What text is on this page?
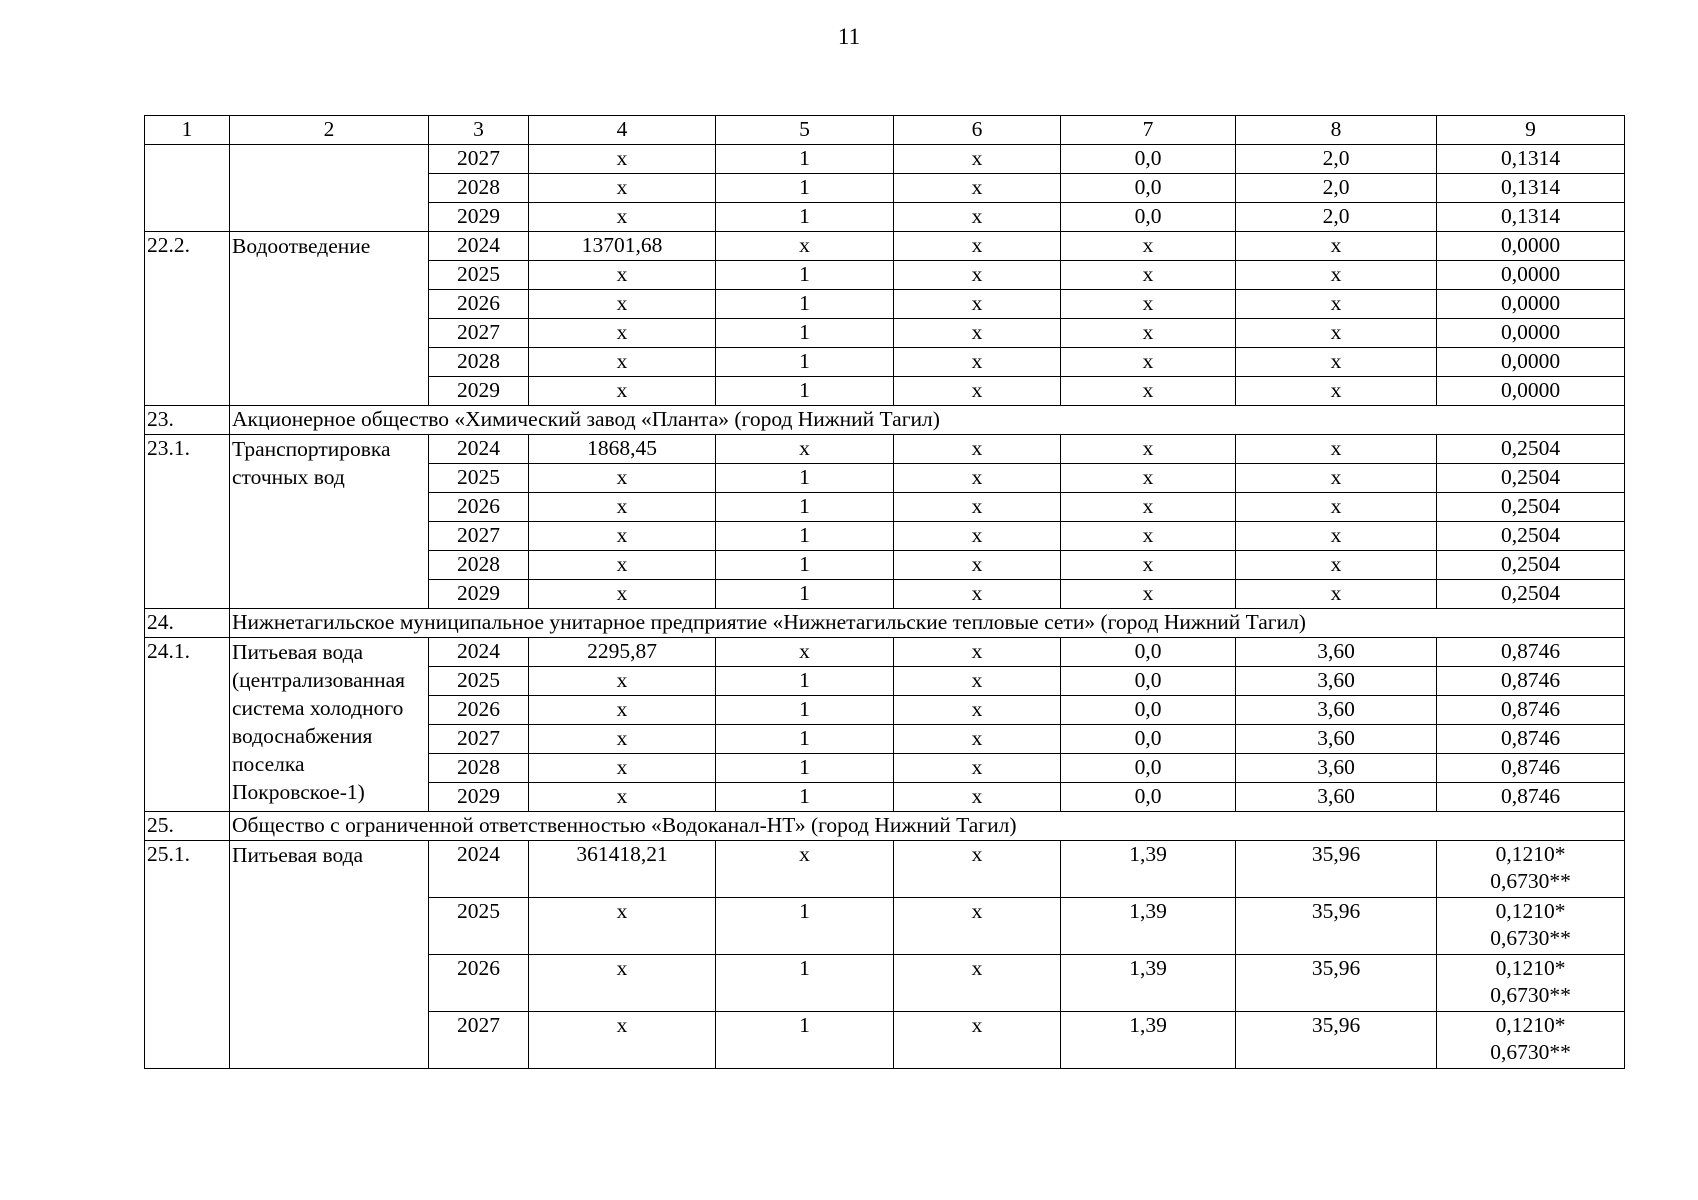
11
1	2	3	4	5	6	7	8	9
		2027	х	1	х	0,0	2,0	0,1314
		2028	х	1	х	0,0	2,0	0,1314
		2029	х	1	х	0,0	2,0	0,1314
22.2.	Водоотведение	2024	13701,68	х	х	х	х	0,0000
		2025	х	1	х	х	х	0,0000
		2026	х	1	х	х	х	0,0000
		2027	х	1	х	х	х	0,0000
		2028	х	1	х	х	х	0,0000
		2029	х	1	х	х	х	0,0000
23.	Акционерное общество «Химический завод «Планта» (город Нижний Тагил)							
23.1.	Транспортировка сточных вод	2024	1868,45	х	х	х	х	0,2504
		2025	х	1	х	х	х	0,2504
		2026	х	1	х	х	х	0,2504
		2027	х	1	х	х	х	0,2504
		2028	х	1	х	х	х	0,2504
		2029	х	1	х	х	х	0,2504
24.	Нижнетагильское муниципальное унитарное предприятие «Нижнетагильские тепловые сети» (город Нижний Тагил)							
24.1.	Питьевая вода (централизованная система холодного водоснабжения поселка Покровское-1)	2024	2295,87	х	х	0,0	3,60	0,8746
		2025	х	1	х	0,0	3,60	0,8746
		2026	х	1	х	0,0	3,60	0,8746
		2027	х	1	х	0,0	3,60	0,8746
		2028	х	1	х	0,0	3,60	0,8746
		2029	х	1	х	0,0	3,60	0,8746
25.	Общество с ограниченной ответственностью «Водоканал-НТ» (город Нижний Тагил)							
25.1.	Питьевая вода	2024	361418,21	х	х	1,39	35,96	0,1210*
0,6730**

		2025	х	1	х	1,39	35,96	0,1210*
0,6730**

		2026	х	1	х	1,39	35,96	0,1210*
0,6730**

		2027	х	1	х	1,39	35,96	0,1210*
0,6730**
